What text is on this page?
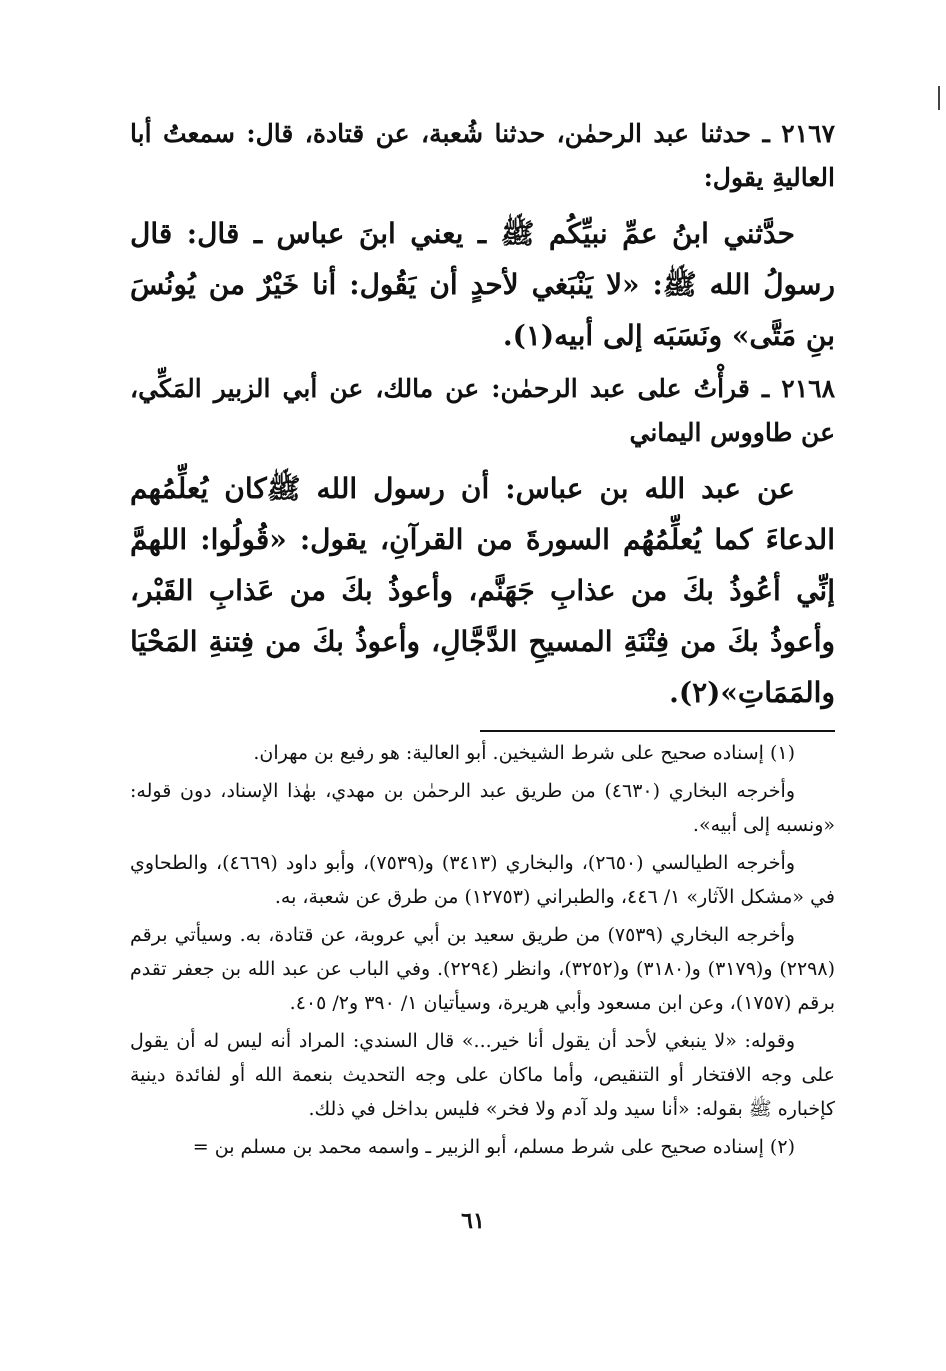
٢١٦٧ ـ حدثنا عبد الرحمٰن، حدثنا شُعبة، عن قتادة، قال: سمعتُ أبا العاليةِ يقول:

حدَّثني ابنُ عمِّ نبيِّكُم ﷺ ـ يعني ابنَ عباس ـ قال: قال رسولُ الله ﷺ: «لا يَنْبَغي لأحدٍ أن يَقُول: أنا خَيْرٌ من يُونُسَ بنِ مَتَّى» ونَسَبَه إلى أبيه(١).

٢١٦٨ ـ قرأْتُ على عبد الرحمٰن: عن مالك، عن أبي الزبير المَكِّي، عن طاووس اليماني

عن عبد الله بن عباس: أن رسول الله ﷺكان يُعلِّمُهم الدعاءَ كما يُعلِّمُهُم السورةَ من القرآنِ، يقول: «قُولُوا: اللهمَّ إنِّي أعُوذُ بكَ من عذابِ جَهَنَّم، وأعوذُ بكَ من عَذابِ القَبْر، وأعوذُ بكَ من فِتْنَةِ المسيحِ الدَّجَّالِ، وأعوذُ بكَ من فِتنةِ المَحْيَا والمَمَاتِ»(٢).

(١) إسناده صحيح على شرط الشيخين. أبو العالية: هو رفيع بن مهران.

وأخرجه البخاري (٤٦٣٠) من طريق عبد الرحمٰن بن مهدي، بهٰذا الإسناد، دون قوله: «ونسبه إلى أبيه».

وأخرجه الطيالسي (٢٦٥٠)، والبخاري (٣٤١٣) و(٧٥٣٩)، وأبو داود (٤٦٦٩)، والطحاوي في «مشكل الآثار» ١/ ٤٤٦، والطبراني (١٢٧٥٣) من طرق عن شعبة، به.

وأخرجه البخاري (٧٥٣٩) من طريق سعيد بن أبي عروبة، عن قتادة، به. وسيأتي برقم (٢٢٩٨) و(٣١٧٩) و(٣١٨٠) و(٣٢٥٢)، وانظر (٢٢٩٤). وفي الباب عن عبد الله بن جعفر تقدم برقم (١٧٥٧)، وعن ابن مسعود وأبي هريرة، وسيأتيان ١/ ٣٩٠ و٢/ ٤٠٥.

وقوله: «لا ينبغي لأحد أن يقول أنا خير...» قال السندي: المراد أنه ليس له أن يقول على وجه الافتخار أو التنقيص، وأما ماكان على وجه التحديث بنعمة الله أو لفائدة دينية كإخباره ﷺ بقوله: «أنا سيد ولد آدم ولا فخر» فليس بداخل في ذلك.

(٢) إسناده صحيح على شرط مسلم، أبو الزبير ـ واسمه محمد بن مسلم بن =

٦١
